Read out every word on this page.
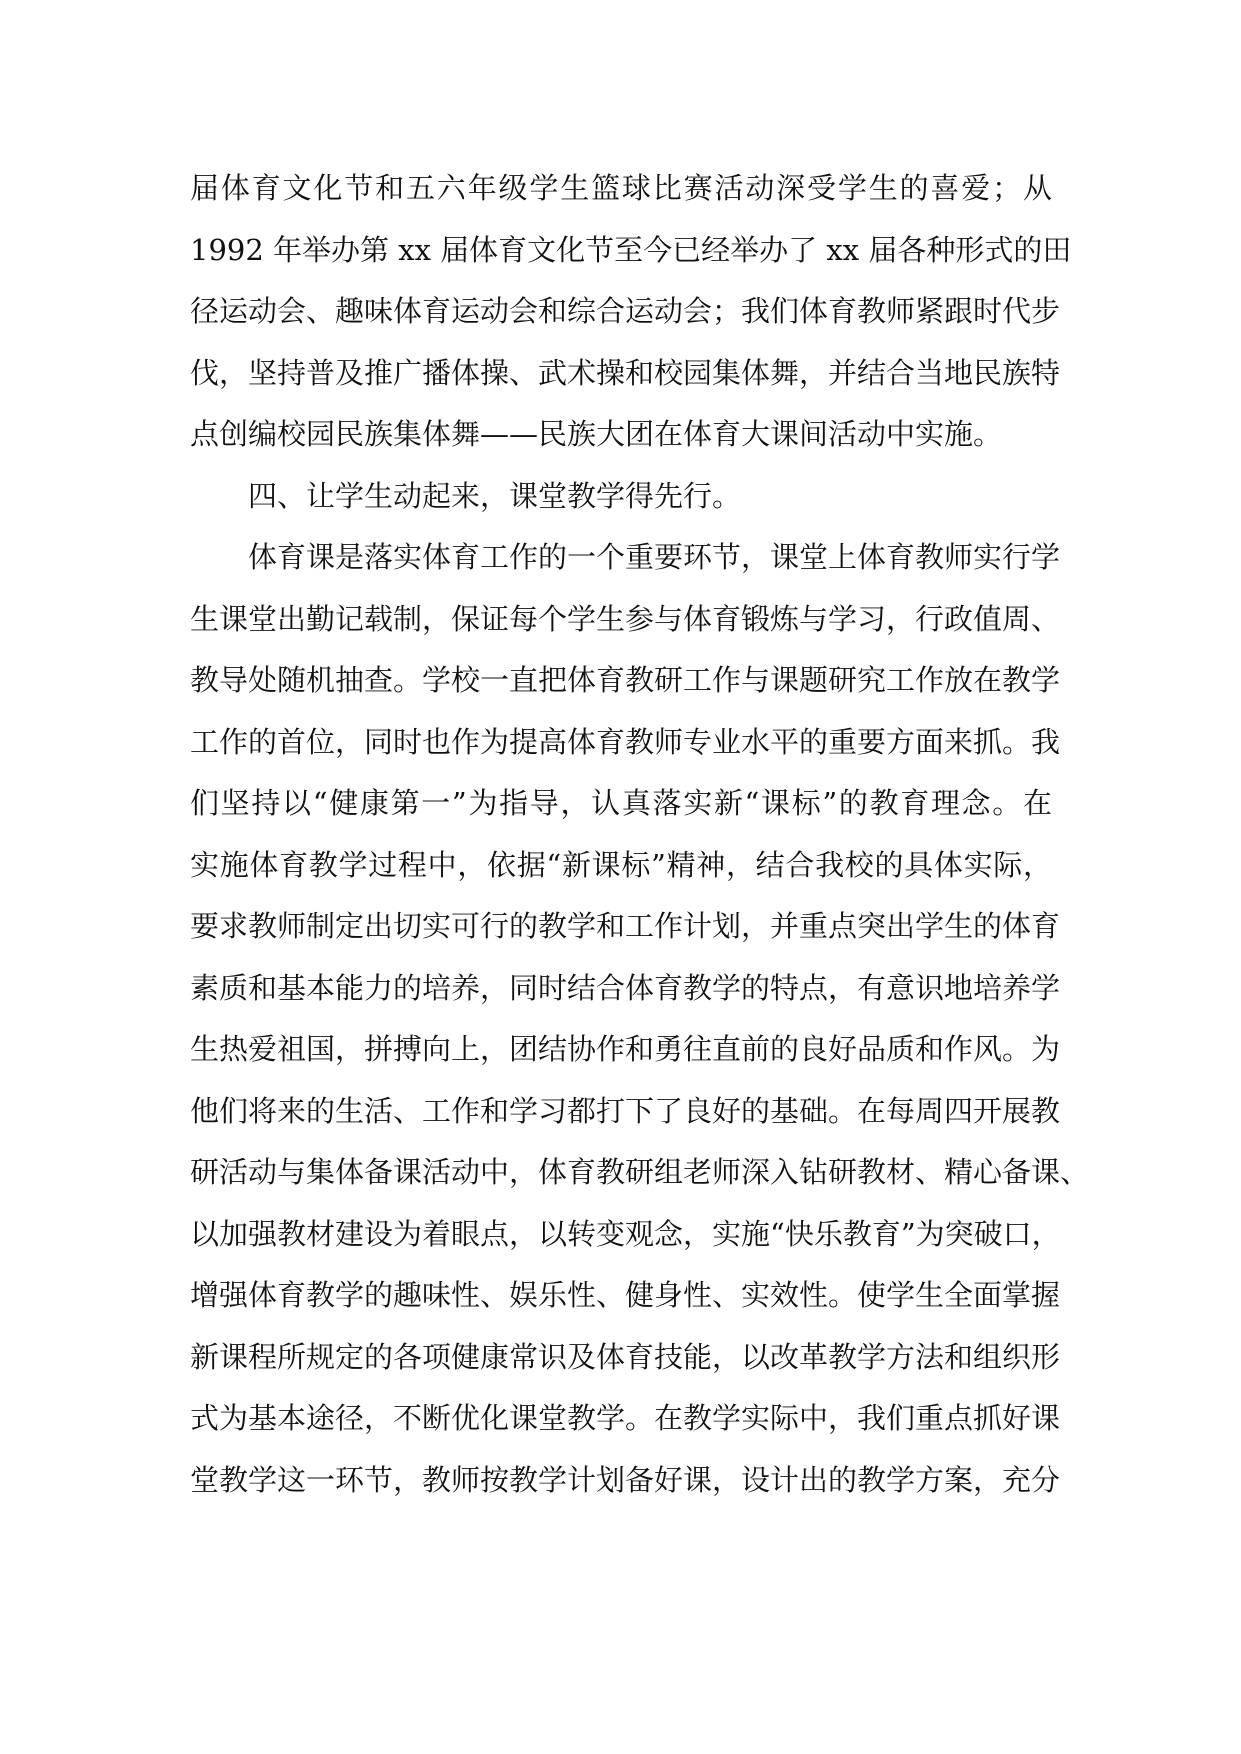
届体育文化节和五六年级学生篮球比赛活动深受学生的喜爱；从
1992 年举办第 xx 届体育文化节至今已经举办了 xx 届各种形式的田
径运动会、趣味体育运动会和综合运动会；我们体育教师紧跟时代步
伐，坚持普及推广播体操、武术操和校园集体舞，并结合当地民族特
点创编校园民族集体舞——民族大团在体育大课间活动中实施。
四、让学生动起来，课堂教学得先行。
体育课是落实体育工作的一个重要环节，课堂上体育教师实行学
生课堂出勤记载制，保证每个学生参与体育锻炼与学习，行政值周、
教导处随机抽查。学校一直把体育教研工作与课题研究工作放在教学
工作的首位，同时也作为提高体育教师专业水平的重要方面来抓。我
们坚持以“健康第一”为指导，认真落实新“课标”的教育理念。在
实施体育教学过程中，依据“新课标”精神，结合我校的具体实际，
要求教师制定出切实可行的教学和工作计划，并重点突出学生的体育
素质和基本能力的培养，同时结合体育教学的特点，有意识地培养学
生热爱祖国，拼搏向上，团结协作和勇往直前的良好品质和作风。为
他们将来的生活、工作和学习都打下了良好的基础。在每周四开展教
研活动与集体备课活动中，体育教研组老师深入钻研教材、精心备课、
以加强教材建设为着眼点，以转变观念，实施“快乐教育”为突破口，
增强体育教学的趣味性、娱乐性、健身性、实效性。使学生全面掌握
新课程所规定的各项健康常识及体育技能，以改革教学方法和组织形
式为基本途径，不断优化课堂教学。在教学实际中，我们重点抓好课
堂教学这一环节，教师按教学计划备好课，设计出的教学方案，充分
